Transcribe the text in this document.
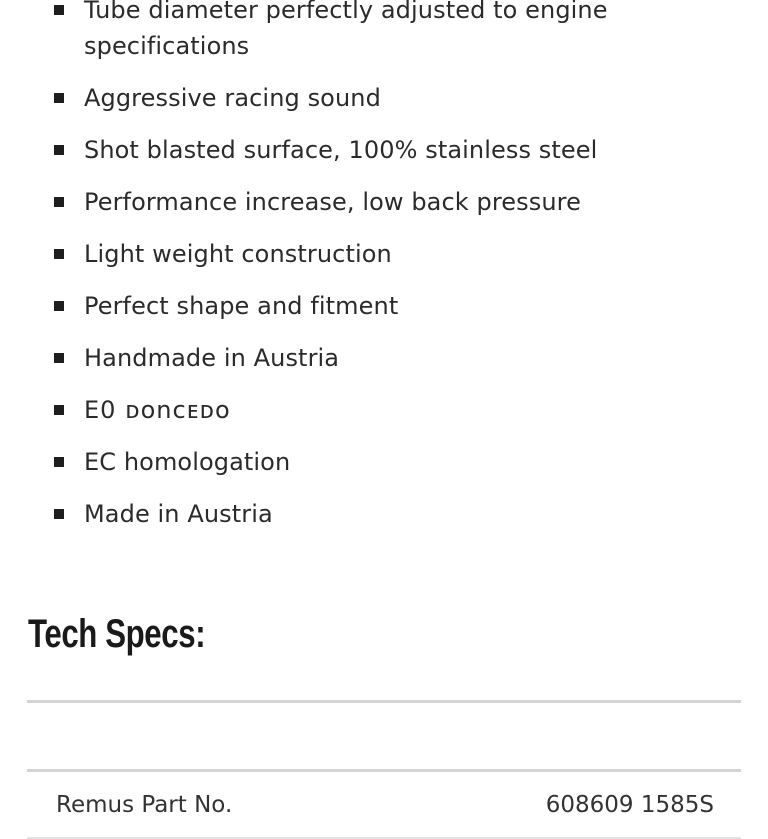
Tube diameter perfectly adjusted to engine specifications
Aggressive racing sound
Shot blasted surface, 100% stainless steel
Performance increase, low back pressure
Light weight construction
Perfect shape and fitment
Handmade in Austria
E0 ᴅᴏnᴄᴇᴅo
EC homologation
Made in Austria
Tech Specs:
Remus Part No.	608609 1585S
